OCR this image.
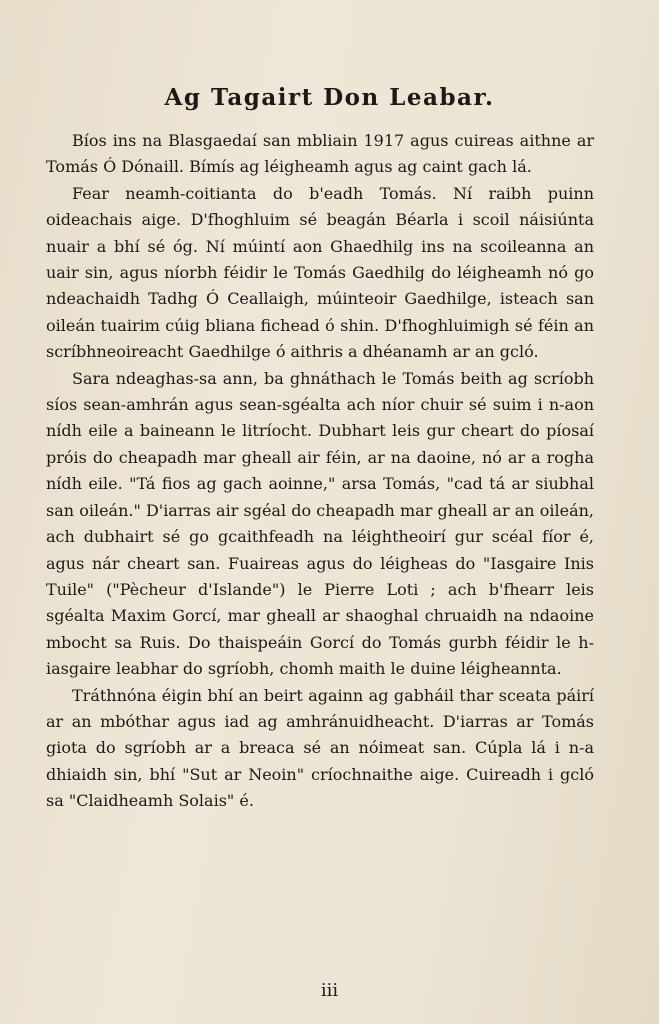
Ag Tagairt Don Leabar.

Bíos ins na Blasgaedaí san mbliain 1917 agus cuireas aithne ar Tomás Ó Dónaill. Bímís ag léigheamh agus ag caint gach lá.

Fear neamh-coitianta do b'eadh Tomás. Ní raibh puinn oideachais aige. D'fhoghluim sé beagán Béarla i scoil náisiúnta nuair a bhí sé óg. Ní múintí aon Ghaedhilg ins na scoileanna an uair sin, agus níorbh féidir le Tomás Gaedhilg do léigheamh nó go ndeachaidh Tadhg Ó Ceallaigh, múinteoir Gaedhilge, isteach san oileán tuairim cúig bliana fichead ó shin. D'fhoghluimigh sé féin an scríbhneoireacht Gaedhilge ó aithris a dhéanamh ar an gcló.

Sara ndeaghas-sa ann, ba ghnáthach le Tomás beith ag scríobh síos sean-amhrán agus sean-sgéalta ach níor chuir sé suim i n-aon nídh eile a baineann le litríocht. Dubhart leis gur cheart do píosaí próis do cheapadh mar gheall air féin, ar na daoine, nó ar a rogha nídh eile. "Tá fios ag gach aoinne," arsa Tomás, "cad tá ar siubhal san oileán." D'iarras air sgéal do cheapadh mar gheall ar an oileán, ach dubhairt sé go gcaithfeadh na léightheoirí gur scéal fíor é, agus nár cheart san. Fuaireas agus do léigheas do "Iasgaire Inis Tuile" ("Pècheur d'Islande") le Pierre Loti ; ach b'fhearr leis sgéalta Maxim Gorcí, mar gheall ar shaoghal chruaidh na ndaoine mbocht sa Ruis. Do thaispeáin Gorcí do Tomás gurbh féidir le h-iasgaire leabhar do sgríobh, chomh maith le duine léigheannta.

Tráthnóna éigin bhí an beirt againn ag gabháil thar sceata páirí ar an mbóthar agus iad ag amhránuidheacht. D'iarras ar Tomás giota do sgríobh ar a breaca sé an nóimeat san. Cúpla lá i n-a dhiaidh sin, bhí "Sut ar Neoin" críochnaithe aige. Cuireadh i gcló sa "Claidheamh Solais" é.

iii
